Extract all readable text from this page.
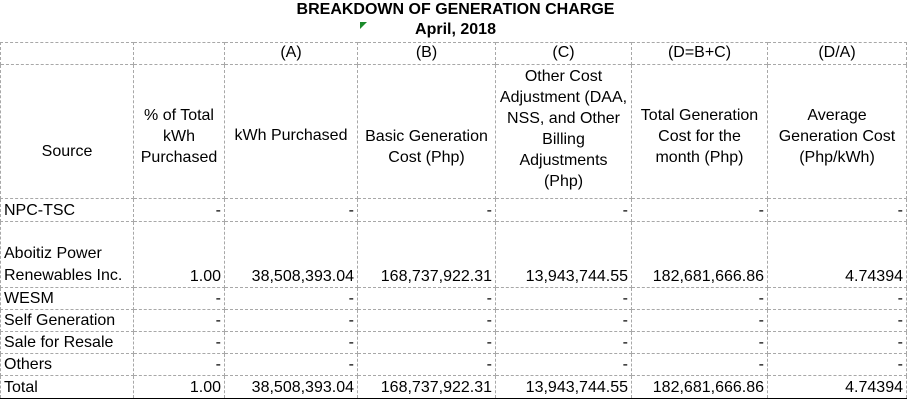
BREAKDOWN OF GENERATION CHARGE
April, 2018
		(A)	(B)	(C)	(D=B+C)	(D/A)
Source	% of Total kWh Purchased	kWh Purchased	Basic Generation Cost (Php)	Other Cost Adjustment (DAA, NSS, and Other Billing Adjustments (Php)	Total Generation Cost for the month (Php)	Average Generation Cost (Php/kWh)
NPC-TSC	-	-	-	-	-	-
Aboitiz Power Renewables Inc.	1.00	38,508,393.04	168,737,922.31	13,943,744.55	182,681,666.86	4.74394
WESM	-	-	-	-	-	-
Self Generation	-	-	-	-	-	-
Sale for Resale	-	-	-	-	-	-
Others	-	-	-	-	-	-
Total	1.00	38,508,393.04	168,737,922.31	13,943,744.55	182,681,666.86	4.74394
